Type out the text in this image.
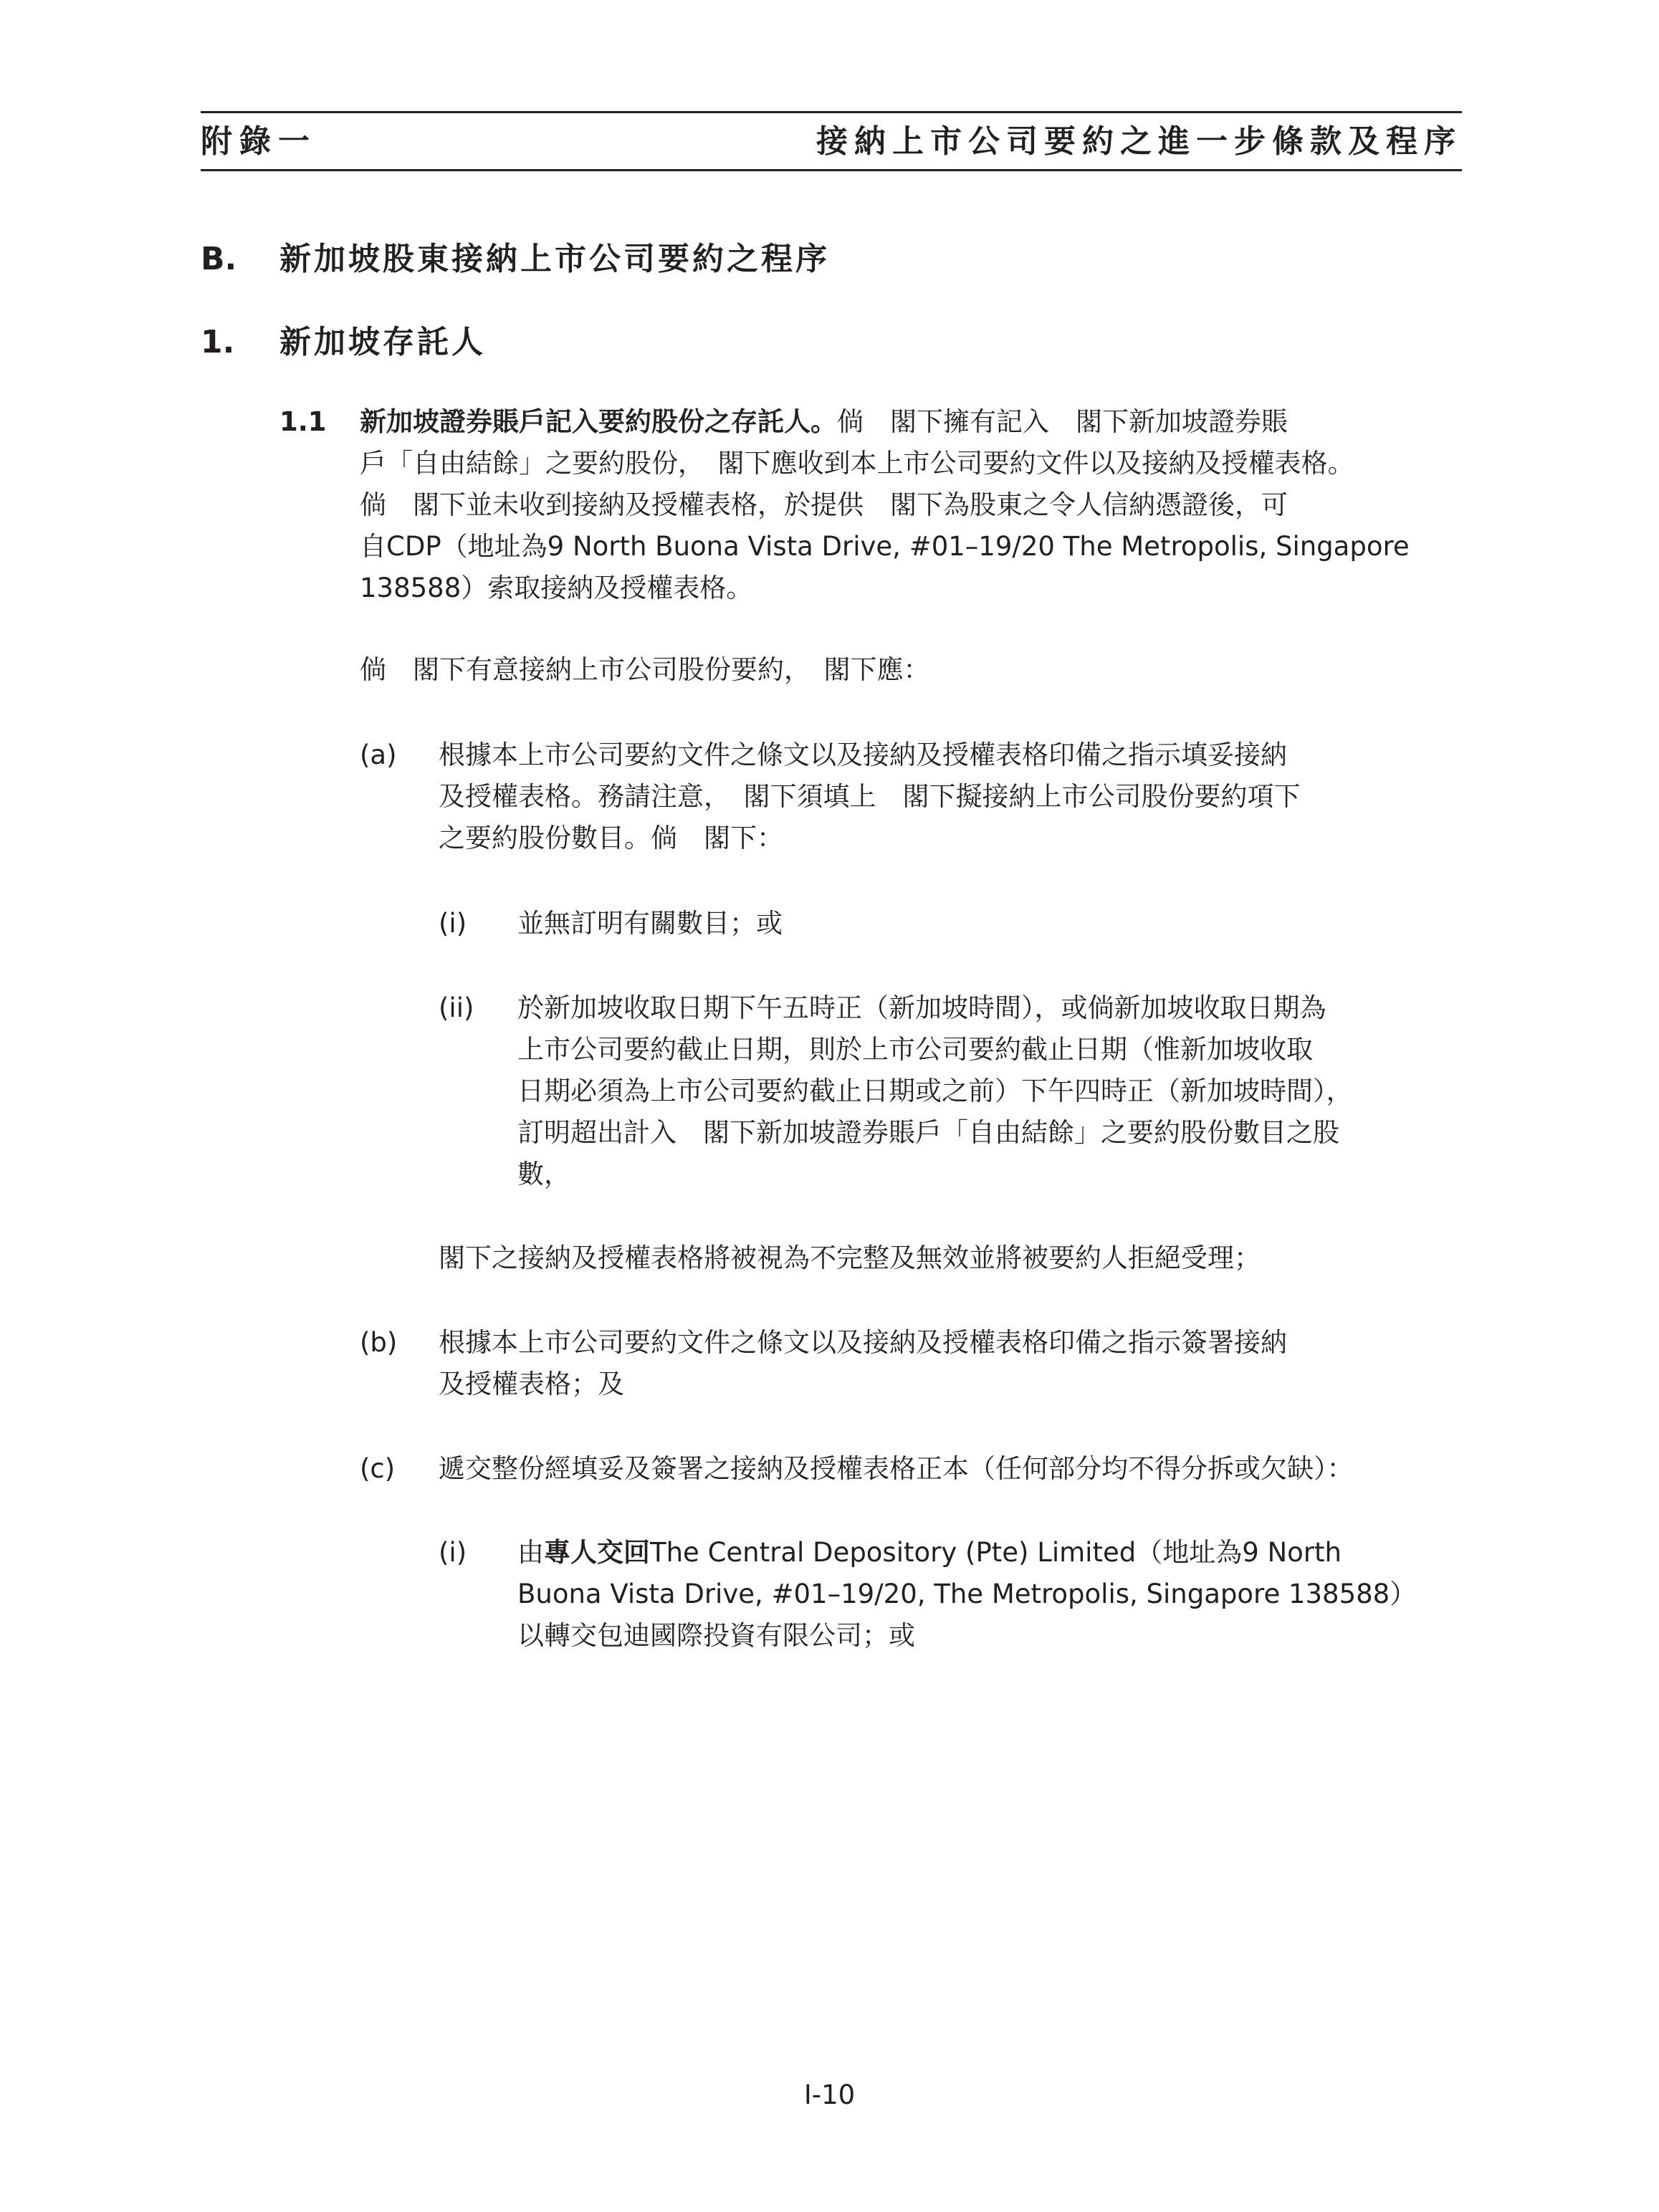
附錄一	接納上市公司要約之進一步條款及程序
B. 新加坡股東接納上市公司要約之程序
1. 新加坡存託人
1.1 新加坡證券賬戶記入要約股份之存託人。倘　閣下擁有記入　閣下新加坡證券賬
戶「自由結餘」之要約股份，　閣下應收到本上市公司要約文件以及接納及授權表格。
倘　閣下並未收到接納及授權表格，於提供　閣下為股東之令人信納憑證後，可
自CDP（地址為9 North Buona Vista Drive, #01–19/20 The Metropolis, Singapore
138588）索取接納及授權表格。
倘　閣下有意接納上市公司股份要約，　閣下應：
(a) 根據本上市公司要約文件之條文以及接納及授權表格印備之指示填妥接納
及授權表格。務請注意，　閣下須填上　閣下擬接納上市公司股份要約項下
之要約股份數目。倘　閣下：
(i) 並無訂明有關數目；或
(ii) 於新加坡收取日期下午五時正（新加坡時間），或倘新加坡收取日期為
上市公司要約截止日期，則於上市公司要約截止日期（惟新加坡收取
日期必須為上市公司要約截止日期或之前）下午四時正（新加坡時間），
訂明超出計入　閣下新加坡證券賬戶「自由結餘」之要約股份數目之股
數，
閣下之接納及授權表格將被視為不完整及無效並將被要約人拒絕受理；
(b) 根據本上市公司要約文件之條文以及接納及授權表格印備之指示簽署接納
及授權表格；及
(c) 遞交整份經填妥及簽署之接納及授權表格正本（任何部分均不得分拆或欠缺）：
(i) 由專人交回The Central Depository (Pte) Limited（地址為9 North
Buona Vista Drive, #01–19/20, The Metropolis, Singapore 138588）
以轉交包迪國際投資有限公司；或
I-10
